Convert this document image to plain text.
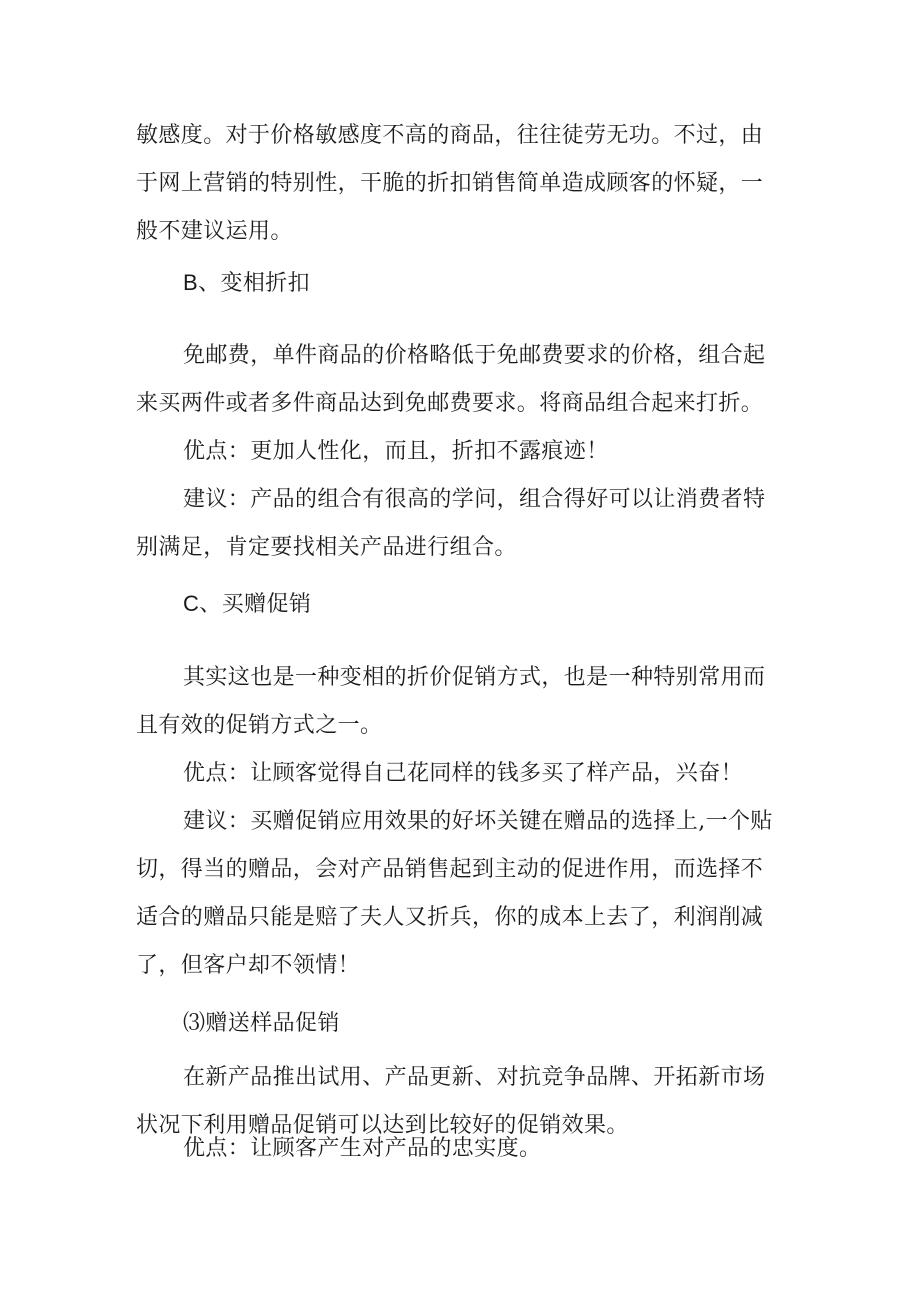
敏感度。对于价格敏感度不高的商品，往往徒劳无功。不过，由
于网上营销的特别性，干脆的折扣销售简单造成顾客的怀疑，一
般不建议运用。
B、变相折扣
免邮费，单件商品的价格略低于免邮费要求的价格，组合起
来买两件或者多件商品达到免邮费要求。将商品组合起来打折。
优点：更加人性化，而且，折扣不露痕迹！
建议：产品的组合有很高的学问，组合得好可以让消费者特
别满足，肯定要找相关产品进行组合。
C、买赠促销
其实这也是一种变相的折价促销方式，也是一种特别常用而
且有效的促销方式之一。
优点：让顾客觉得自己花同样的钱多买了样产品，兴奋！
建议：买赠促销应用效果的好坏关键在赠品的选择上,一个贴
切，得当的赠品，会对产品销售起到主动的促进作用，而选择不
适合的赠品只能是赔了夫人又折兵，你的成本上去了，利润削减
了，但客户却不领情！
⑶赠送样品促销
在新产品推出试用、产品更新、对抗竞争品牌、开拓新市场
状况下利用赠品促销可以达到比较好的促销效果。
优点：让顾客产生对产品的忠实度。
